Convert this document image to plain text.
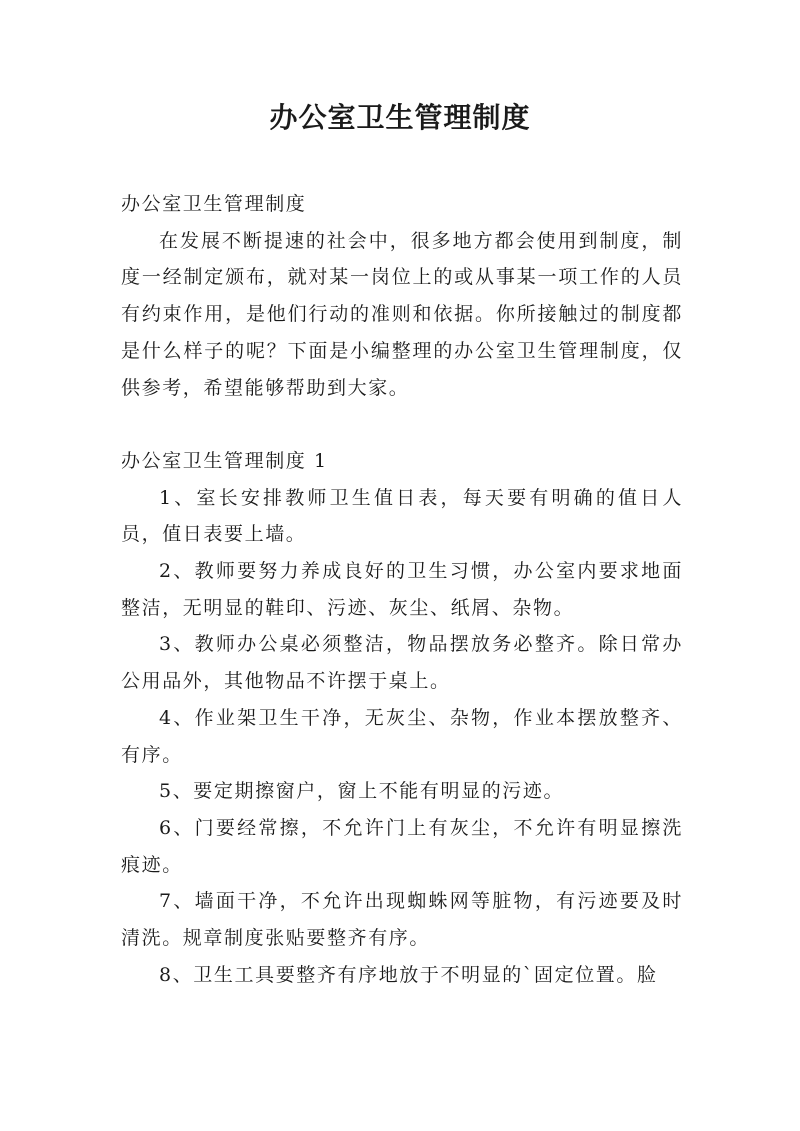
办公室卫生管理制度

办公室卫生管理制度

在发展不断提速的社会中，很多地方都会使用到制度，制度一经制定颁布，就对某一岗位上的或从事某一项工作的人员有约束作用，是他们行动的准则和依据。你所接触过的制度都是什么样子的呢？下面是小编整理的办公室卫生管理制度，仅供参考，希望能够帮助到大家。

办公室卫生管理制度 1

1、室长安排教师卫生值日表，每天要有明确的值日人员，值日表要上墙。

2、教师要努力养成良好的卫生习惯，办公室内要求地面整洁，无明显的鞋印、污迹、灰尘、纸屑、杂物。

3、教师办公桌必须整洁，物品摆放务必整齐。除日常办公用品外，其他物品不许摆于桌上。

4、作业架卫生干净，无灰尘、杂物，作业本摆放整齐、有序。

5、要定期擦窗户，窗上不能有明显的污迹。

6、门要经常擦，不允许门上有灰尘，不允许有明显擦洗痕迹。

7、墙面干净，不允许出现蜘蛛网等脏物，有污迹要及时清洗。规章制度张贴要整齐有序。

8、卫生工具要整齐有序地放于不明显的`固定位置。脸
